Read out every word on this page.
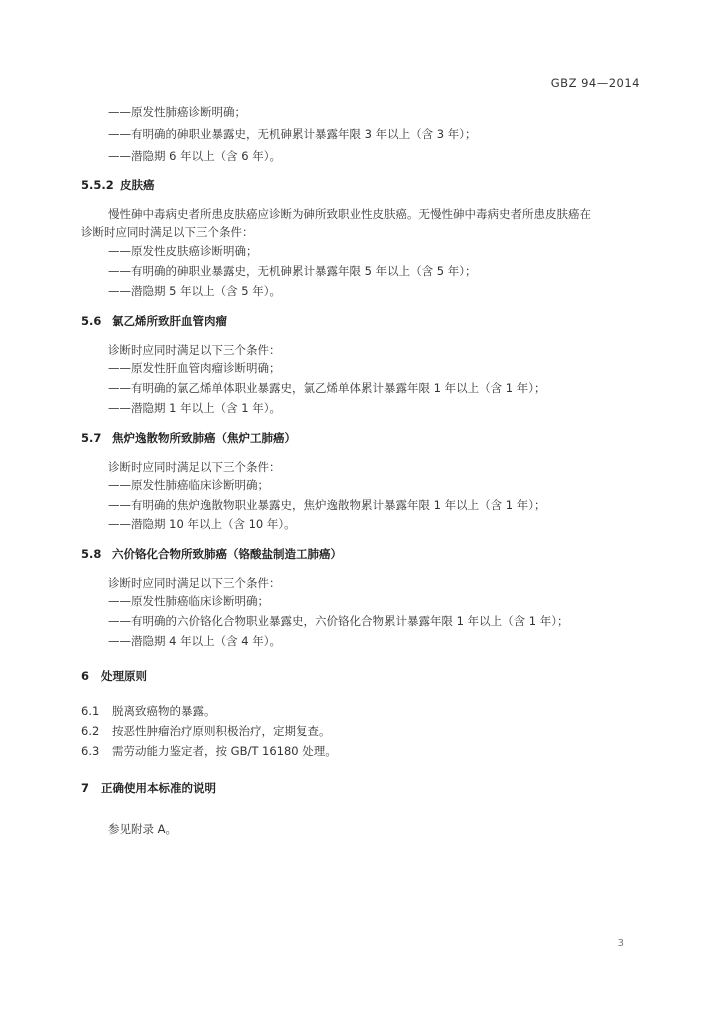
GBZ 94—2014
——原发性肺癌诊断明确；
——有明确的砷职业暴露史，无机砷累计暴露年限 3 年以上（含 3 年）；
——潜隐期 6 年以上（含 6 年）。
5.5.2 皮肤癌
慢性砷中毒病史者所患皮肤癌应诊断为砷所致职业性皮肤癌。无慢性砷中毒病史者所患皮肤癌在
诊断时应同时满足以下三个条件：
——原发性皮肤癌诊断明确；
——有明确的砷职业暴露史，无机砷累计暴露年限 5 年以上（含 5 年）；
——潜隐期 5 年以上（含 5 年）。
5.6 氯乙烯所致肝血管肉瘤
诊断时应同时满足以下三个条件：
——原发性肝血管肉瘤诊断明确；
——有明确的氯乙烯单体职业暴露史，氯乙烯单体累计暴露年限 1 年以上（含 1 年）；
——潜隐期 1 年以上（含 1 年）。
5.7 焦炉逸散物所致肺癌（焦炉工肺癌）
诊断时应同时满足以下三个条件：
——原发性肺癌临床诊断明确；
——有明确的焦炉逸散物职业暴露史，焦炉逸散物累计暴露年限 1 年以上（含 1 年）；
——潜隐期 10 年以上（含 10 年）。
5.8 六价铬化合物所致肺癌（铬酸盐制造工肺癌）
诊断时应同时满足以下三个条件：
——原发性肺癌临床诊断明确；
——有明确的六价铬化合物职业暴露史，六价铬化合物累计暴露年限 1 年以上（含 1 年）；
——潜隐期 4 年以上（含 4 年）。
6 处理原则
6.1 脱离致癌物的暴露。
6.2 按恶性肿瘤治疗原则积极治疗，定期复查。
6.3 需劳动能力鉴定者，按 GB/T 16180 处理。
7 正确使用本标准的说明
参见附录 A。
3
